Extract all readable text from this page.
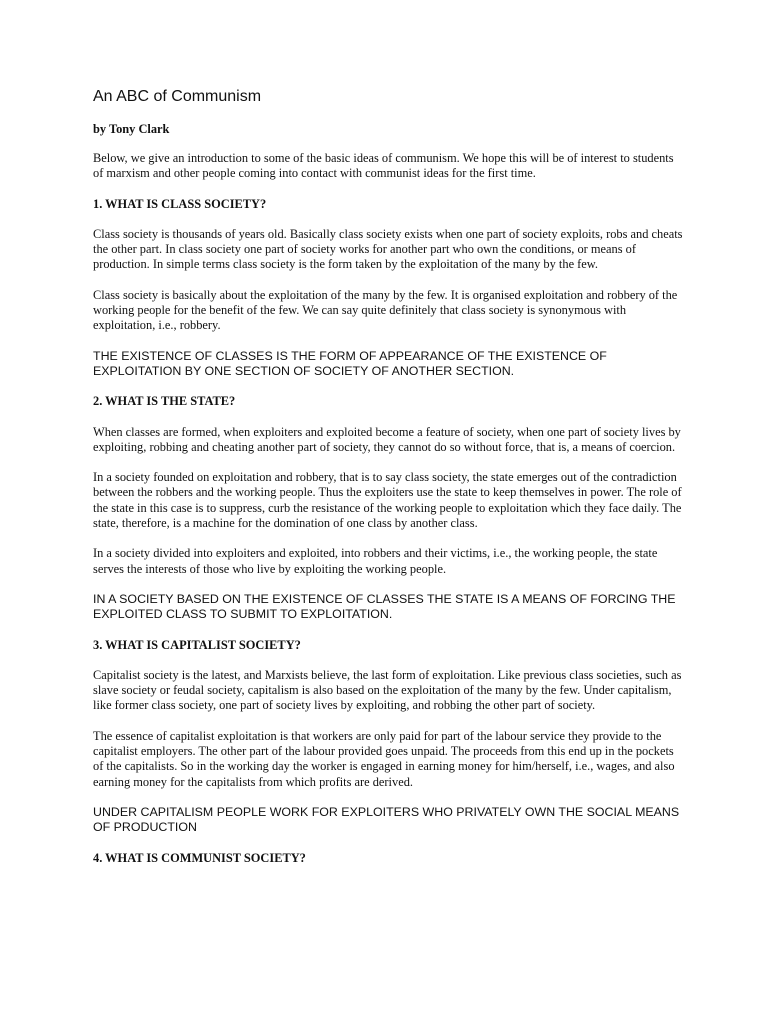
An ABC of Communism
by Tony Clark

Below, we give an introduction to some of the basic ideas of communism. We hope this will be of interest to students of marxism and other people coming into contact with communist ideas for the first time.

1. WHAT IS CLASS SOCIETY?

Class society is thousands of years old. Basically class society exists when one part of society exploits, robs and cheats the other part. In class society one part of society works for another part who own the conditions, or means of production. In simple terms class society is the form taken by the exploitation of the many by the few.

Class society is basically about the exploitation of the many by the few. It is organised exploitation and robbery of the working people for the benefit of the few. We can say quite definitely that class society is synonymous with exploitation, i.e., robbery.

THE EXISTENCE OF CLASSES IS THE FORM OF APPEARANCE OF THE EXISTENCE OF EXPLOITATION BY ONE SECTION OF SOCIETY OF ANOTHER SECTION.

2. WHAT IS THE STATE?

When classes are formed, when exploiters and exploited become a feature of society, when one part of society lives by exploiting, robbing and cheating another part of society, they cannot do so without force, that is, a means of coercion.

In a society founded on exploitation and robbery, that is to say class society, the state emerges out of the contradiction between the robbers and the working people. Thus the exploiters use the state to keep themselves in power. The role of the state in this case is to suppress, curb the resistance of the working people to exploitation which they face daily. The state, therefore, is a machine for the domination of one class by another class.

In a society divided into exploiters and exploited, into robbers and their victims, i.e., the working people, the state serves the interests of those who live by exploiting the working people.

IN A SOCIETY BASED ON THE EXISTENCE OF CLASSES THE STATE IS A MEANS OF FORCING THE EXPLOITED CLASS TO SUBMIT TO EXPLOITATION.

3. WHAT IS CAPITALIST SOCIETY?

Capitalist society is the latest, and Marxists believe, the last form of exploitation. Like previous class societies, such as slave society or feudal society, capitalism is also based on the exploitation of the many by the few. Under capitalism, like former class society, one part of society lives by exploiting, and robbing the other part of society.

The essence of capitalist exploitation is that workers are only paid for part of the labour service they provide to the capitalist employers. The other part of the labour provided goes unpaid. The proceeds from this end up in the pockets of the capitalists. So in the working day the worker is engaged in earning money for him/herself, i.e., wages, and also earning money for the capitalists from which profits are derived.

UNDER CAPITALISM PEOPLE WORK FOR EXPLOITERS WHO PRIVATELY OWN THE SOCIAL MEANS OF PRODUCTION

4. WHAT IS COMMUNIST SOCIETY?
